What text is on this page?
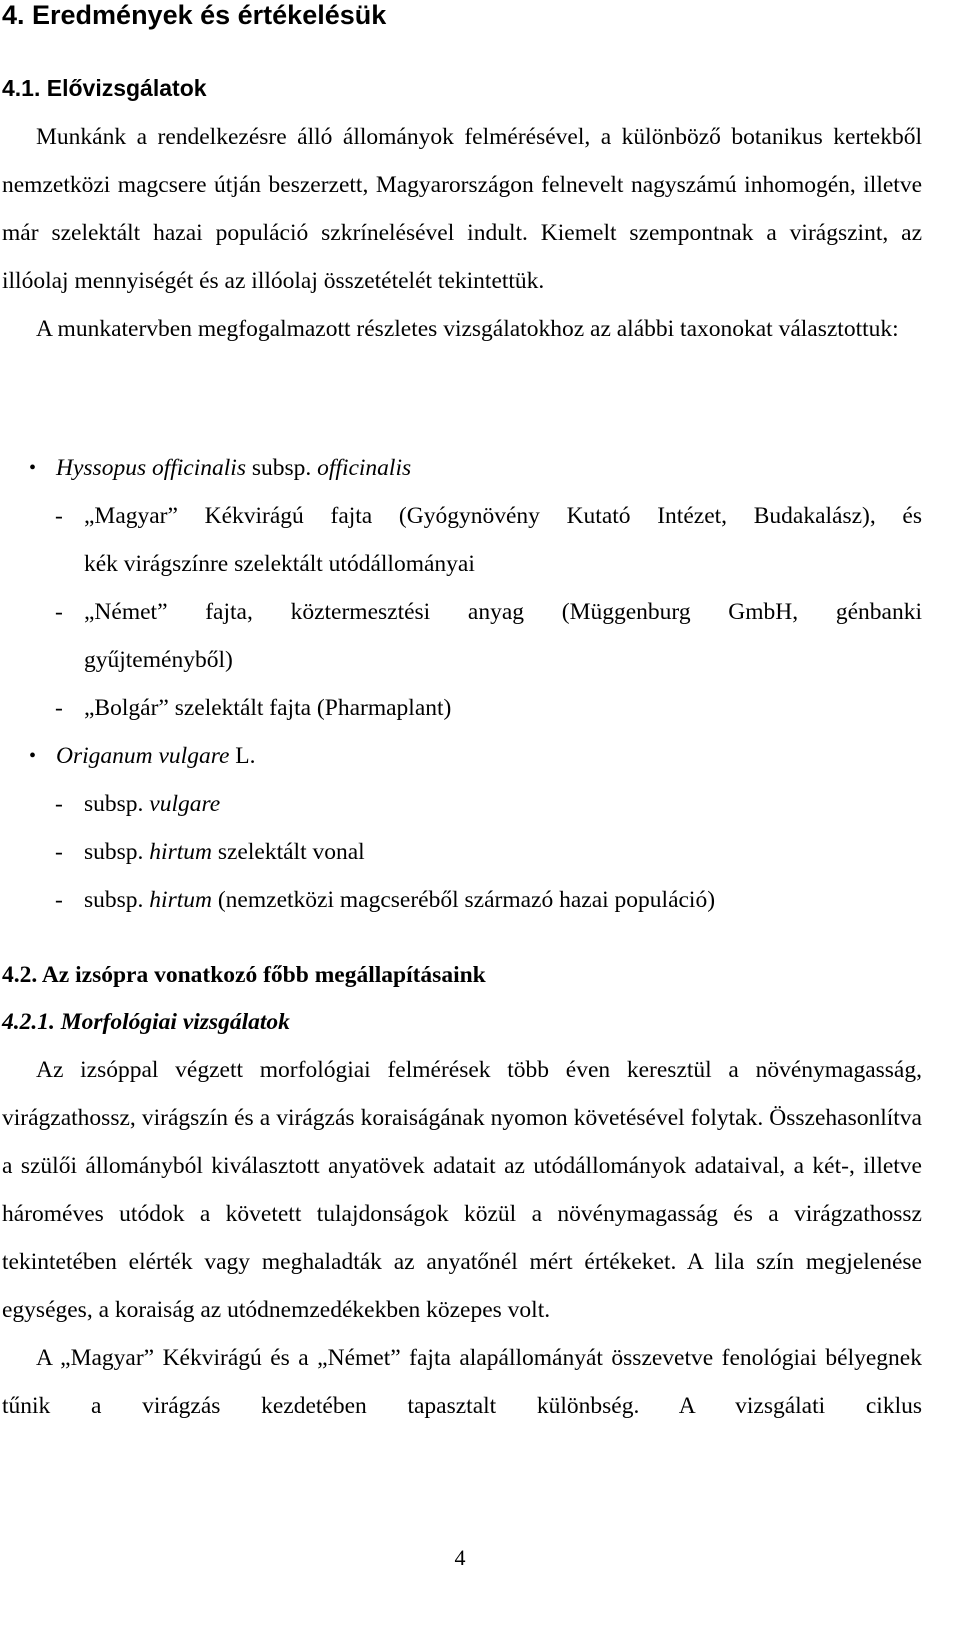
4. Eredmények és értékelésük
4.1. Elővizsgálatok

Munkánk a rendelkezésre álló állományok felmérésével, a különböző botanikus kertekből nemzetközi magcsere útján beszerzett, Magyarországon felnevelt nagyszámú inhomogén, illetve már szelektált hazai populáció szkrínelésével indult. Kiemelt szempontnak a virágszint, az illóolaj mennyiségét és az illóolaj összetételét tekintettük.

A munkatervben megfogalmazott részletes vizsgálatokhoz az alábbi taxonokat választottuk:

• Hyssopus officinalis subsp. officinalis
- „Magyar” Kékvirágú fajta (Gyógynövény Kutató Intézet, Budakalász), és
kék virágszínre szelektált utódállományai
- „Német” fajta, köztermesztési anyag (Müggenburg GmbH, génbanki
gyűjteményből)
- „Bolgár” szelektált fajta (Pharmaplant)
• Origanum vulgare L.
- subsp. vulgare
- subsp. hirtum szelektált vonal
- subsp. hirtum (nemzetközi magcseréből származó hazai populáció)
4.2. Az izsópra vonatkozó főbb megállapításaink
4.2.1. Morfológiai vizsgálatok

Az izsóppal végzett morfológiai felmérések több éven keresztül a növénymagasság, virágzathossz, virágszín és a virágzás koraiságának nyomon követésével folytak. Összehasonlítva a szülői állományból kiválasztott anyatövek adatait az utódállományok adataival, a két-, illetve hároméves utódok a követett tulajdonságok közül a növénymagasság és a virágzathossz tekintetében elérték vagy meghaladták az anyatőnél mért értékeket. A lila szín megjelenése egységes, a koraiság az utódnemzedékekben közepes volt.

A „Magyar” Kékvirágú és a „Német” fajta alapállományát összevetve fenológiai bélyegnek tűnik a virágzás kezdetében tapasztalt különbség. A vizsgálati ciklus

4
